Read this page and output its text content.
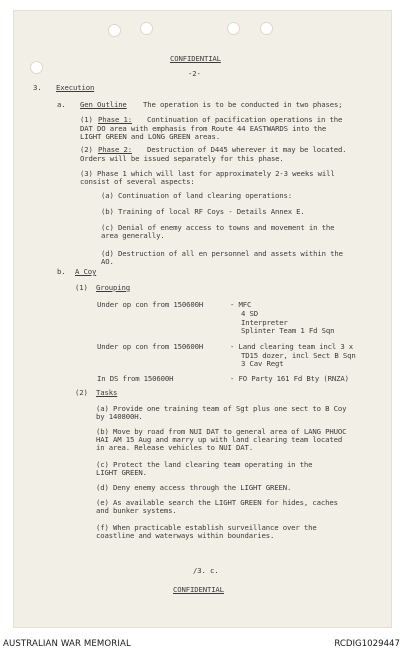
CONFIDENTIAL
-2-
3. Execution
a. Gen Outline The operation is to be conducted in two phases;
(1) Phase 1: Continuation of pacification operations in the
DAT DO area with emphasis from Route 44 EASTWARDS into the
LIGHT GREEN and LONG GREEN areas.
(2) Phase 2: Destruction of D445 wherever it may be located.
Orders will be issued separately for this phase.
(3) Phase 1 which will last for approximately 2-3 weeks will
consist of several aspects:
(a) Continuation of land clearing operations:
(b) Training of local RF Coys - Details Annex E.
(c) Denial of enemy access to towns and movement in the
area generally.
(d) Destruction of all en personnel and assets within the
AO.
b. A Coy
(1) Grouping
Under op con from 150600H	- MFC
4 SD
Interpreter
Splinter Team 1 Fd Sqn
Under op con from 150600H	- Land clearing team incl 3 x
TD15 dozer, incl Sect B Sqn
3 Cav Regt
In DS from 150600H	- FO Party 161 Fd Bty (RNZA)
(2) Tasks
(a) Provide one training team of Sgt plus one sect to B Coy
by 140800H.
(b) Move by road from NUI DAT to general area of LANG PHUOC
HAI AM 15 Aug and marry up with land clearing team located
in area. Release vehicles to NUI DAT.
(c) Protect the land clearing team operating in the
LIGHT GREEN.
(d) Deny enemy access through the LIGHT GREEN.
(e) As available search the LIGHT GREEN for hides, caches
and bunker systems.
(f) When practicable establish surveillance over the
coastline and waterways within boundaries.
/3. c.
CONFIDENTIAL
AUSTRALIAN WAR MEMORIAL	RCDIG1029447
